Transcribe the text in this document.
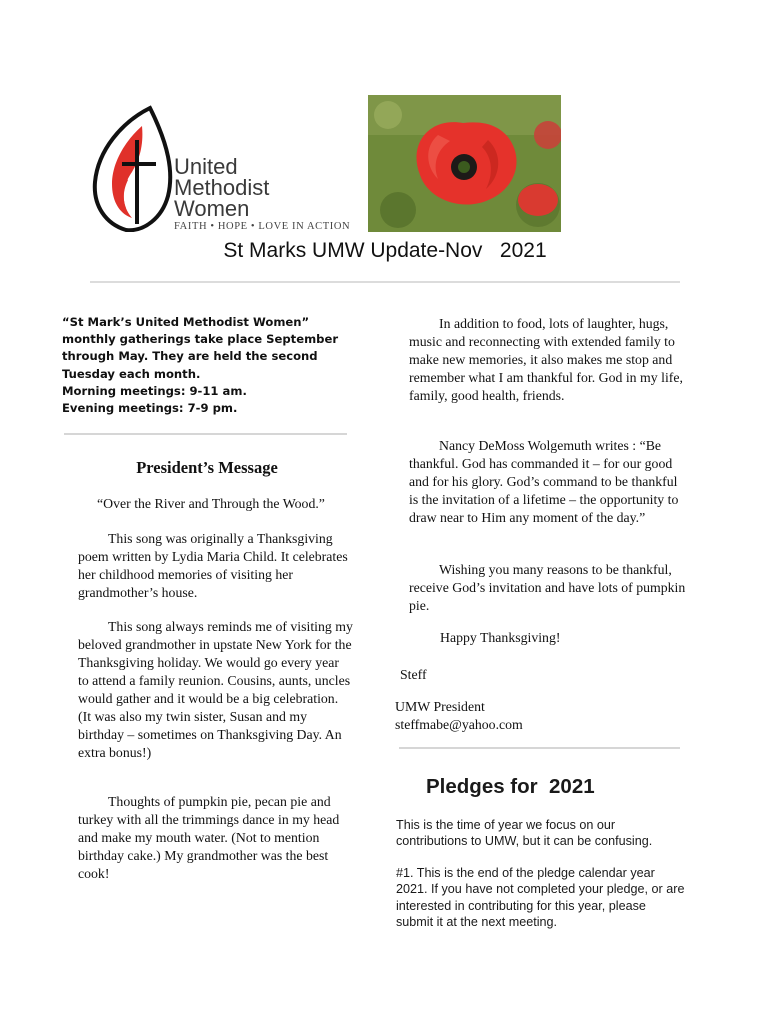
United
Methodist
Women
FAITH • HOPE • LOVE IN ACTION
St Marks UMW Update-Nov   2021

“St Mark’s United Methodist Women” monthly gatherings take place September through May. They are held the second Tuesday each month.

Morning meetings: 9-11 am.

Evening meetings: 7-9 pm.

President’s Message
“Over the River and Through the Wood.”

This song was originally a Thanksgiving poem written by Lydia Maria Child. It celebrates her childhood memories of visiting her grandmother’s house.

This song always reminds me of visiting my beloved grandmother in upstate New York for the Thanksgiving holiday. We would go every year to attend a family reunion. Cousins, aunts, uncles would gather and it would be a big celebration. (It was also my twin sister, Susan and my birthday – sometimes on Thanksgiving Day. An extra bonus!)

Thoughts of pumpkin pie, pecan pie and turkey with all the trimmings dance in my head and make my mouth water. (Not to mention birthday cake.) My grandmother was the best cook!

In addition to food, lots of laughter, hugs, music and reconnecting with extended family to make new memories, it also makes me stop and remember what I am thankful for. God in my life, family, good health, friends.

Nancy DeMoss Wolgemuth writes : “Be thankful. God has commanded it – for our good and for his glory. God’s command to be thankful is the invitation of a lifetime – the opportunity to draw near to Him any moment of the day.”

Wishing you many reasons to be thankful, receive God’s invitation and have lots of pumpkin pie.

Happy Thanksgiving!

Steff

UMW President
steffmabe@yahoo.com
Pledges for  2021

This is the time of year we focus on our contributions to UMW, but it can be confusing.

#1. This is the end of the pledge calendar year 2021. If you have not completed your pledge, or are interested in contributing for this year, please submit it at the next meeting.
